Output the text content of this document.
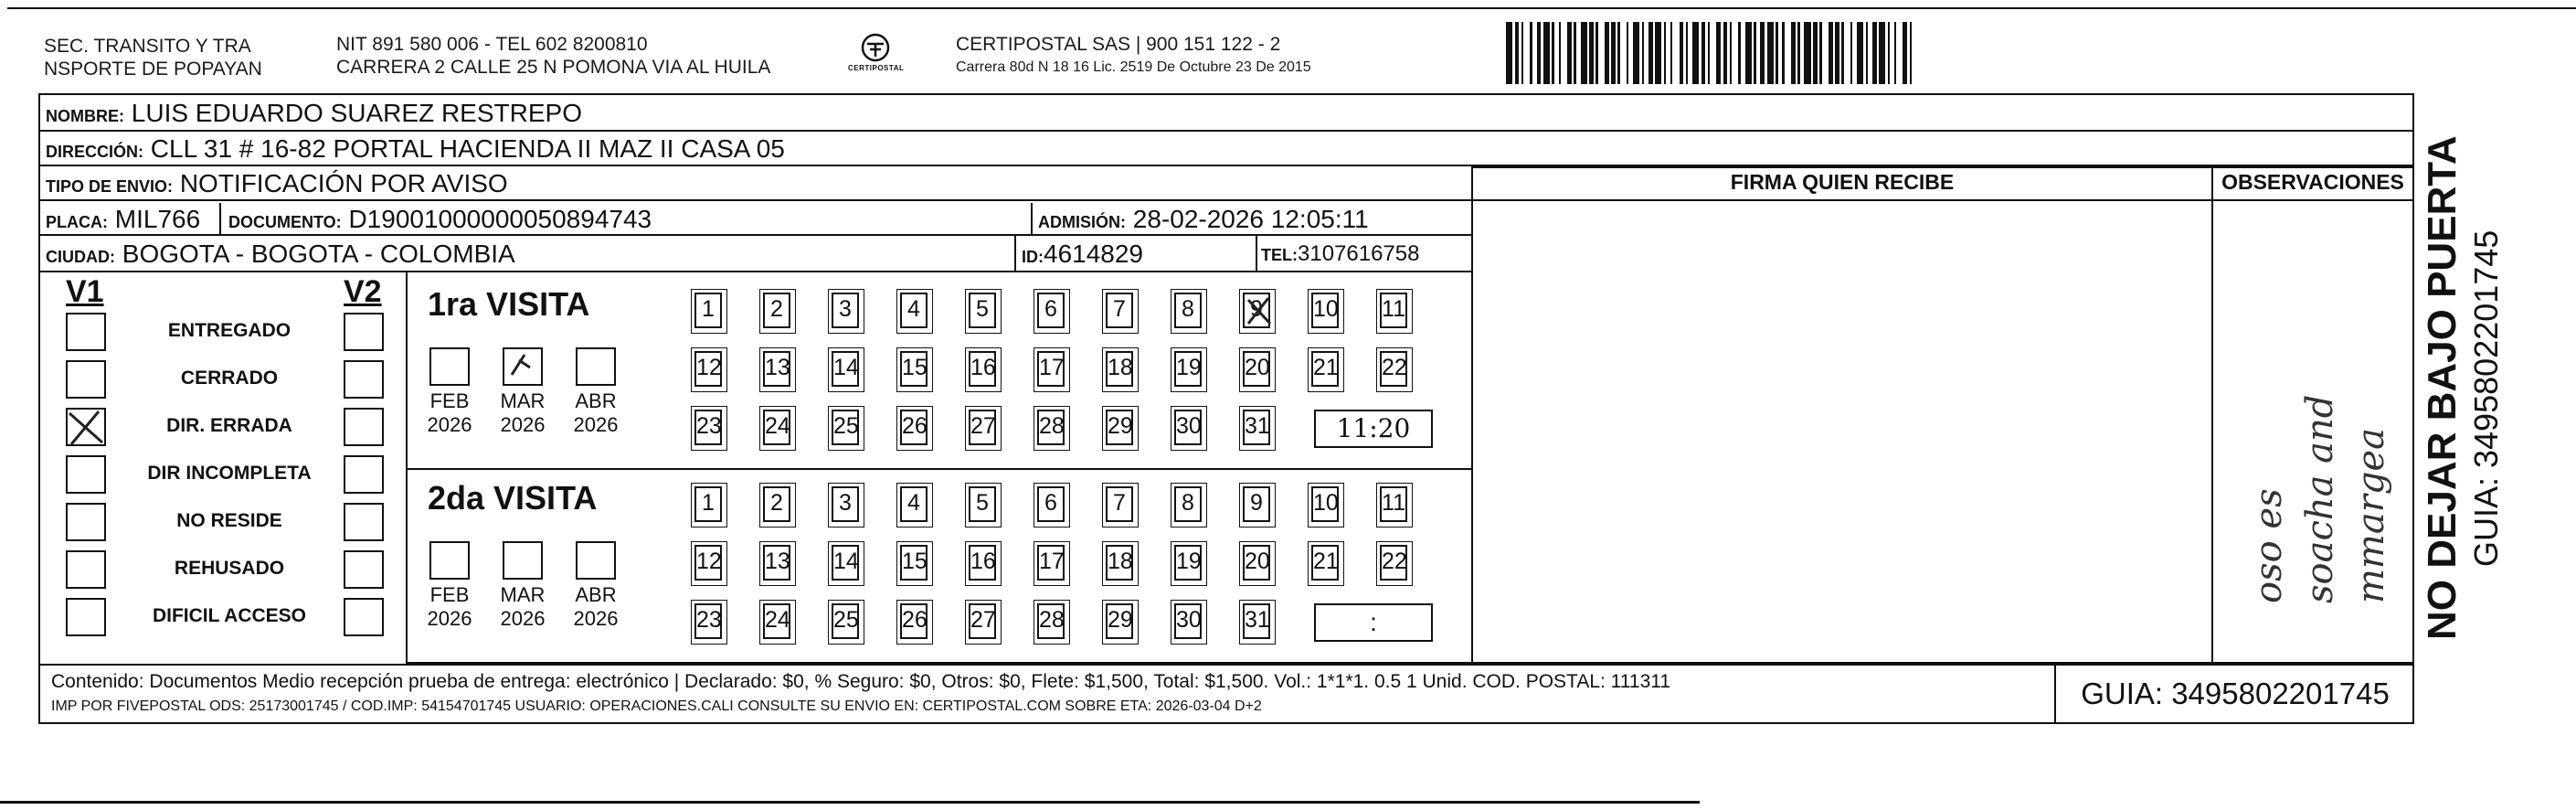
SEC. TRANSITO Y TRA
NSPORTE DE POPAYAN
NIT 891 580 006 - TEL 602 8200810
CARRERA 2 CALLE 25 N POMONA VIA AL HUILA	CERTIPOSTAL
CERTIPOSTAL SAS | 900 151 122 - 2
Carrera 80d N 18 16 Lic. 2519 De Octubre 23 De 2015
NOMBRE: LUIS EDUARDO SUAREZ RESTREPO
DIRECCIÓN: CLL 31 # 16-82 PORTAL HACIENDA II MAZ II CASA 05
TIPO DE ENVIO: NOTIFICACIÓN POR AVISO
PLACA: MIL766	DOCUMENTO: D19001000000050894743	ADMISIÓN: 28-02-2026 12:05:11
CIUDAD: BOGOTA - BOGOTA - COLOMBIA	ID:4614829	TEL:3107616758
FIRMA QUIEN RECIBE	OBSERVACIONES
oso es soacha and mmargea
V1	V2
ENTREGADO
CERRADO
DIR. ERRADA
DIR INCOMPLETA
NO RESIDE
REHUSADO
DIFICIL ACCESO
1ra VISITA
2da VISITA
FEB
2026
MAR
2026
ABR
2026
1	2	3	4	5	6	7	8	9	10 11
12 13 14 15 16 17 18 19 20 21 22
23 24 25 26 27 28 29 30 31	11:20
FEB
2026
MAR
2026
ABR
2026
1	2	3	4	5	6	7	8	9	10 11
12 13 14 15 16 17 18 19 20 21 22
23 24 25 26 27 28 29 30 31	:
Contenido: Documentos Medio recepción prueba de entrega: electrónico | Declarado: $0, % Seguro: $0, Otros: $0, Flete: $1,500, Total: $1,500. Vol.: 1*1*1. 0.5 1 Unid. COD. POSTAL: 111311
IMP POR FIVEPOSTAL ODS: 25173001745 / COD.IMP: 54154701745 USUARIO: OPERACIONES.CALI CONSULTE SU ENVIO EN: CERTIPOSTAL.COM SOBRE ETA: 2026-03-04 D+2	GUIA: 3495802201745
NO DEJAR BAJO PUERTA GUIA: 3495802201745
